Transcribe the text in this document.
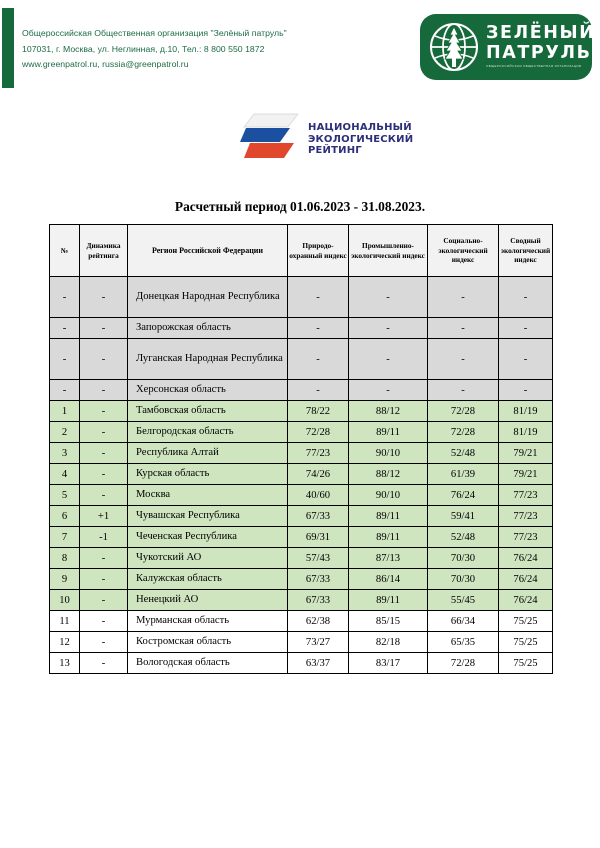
Общероссийская Общественная организация "Зелёный патруль"
107031, г. Москва, ул. Неглинная, д.10, Тел.: 8 800 550 1872
www.greenpatrol.ru, russia@greenpatrol.ru
ЗЕЛЁНЫЙ
ПАТРУЛЬ
ОБЩЕРОССИЙСКАЯ ОБЩЕСТВЕННАЯ ОРГАНИЗАЦИЯ
НАЦИОНАЛЬНЫЙ
ЭКОЛОГИЧЕСКИЙ
РЕЙТИНГ
Расчетный период 01.06.2023 - 31.08.2023.
№	Динамика рейтинга	Регион Российской Федерации	Природо-охранный индекс	Промышленно-экологический индекс	Социально-экологический индекс	Сводный экологический индекс
-	-	Донецкая Народная Республика	-	-	-	-
-	-	Запорожская область	-	-	-	-
-	-	Луганская Народная Республика	-	-	-	-
-	-	Херсонская область	-	-	-	-
1	-	Тамбовская область	78/22	88/12	72/28	81/19
2	-	Белгородская область	72/28	89/11	72/28	81/19
3	-	Республика Алтай	77/23	90/10	52/48	79/21
4	-	Курская область	74/26	88/12	61/39	79/21
5	-	Москва	40/60	90/10	76/24	77/23
6	+1	Чувашская Республика	67/33	89/11	59/41	77/23
7	-1	Чеченская Республика	69/31	89/11	52/48	77/23
8	-	Чукотский АО	57/43	87/13	70/30	76/24
9	-	Калужская область	67/33	86/14	70/30	76/24
10	-	Ненецкий АО	67/33	89/11	55/45	76/24
11	-	Мурманская область	62/38	85/15	66/34	75/25
12	-	Костромская область	73/27	82/18	65/35	75/25
13	-	Вологодская область	63/37	83/17	72/28	75/25
